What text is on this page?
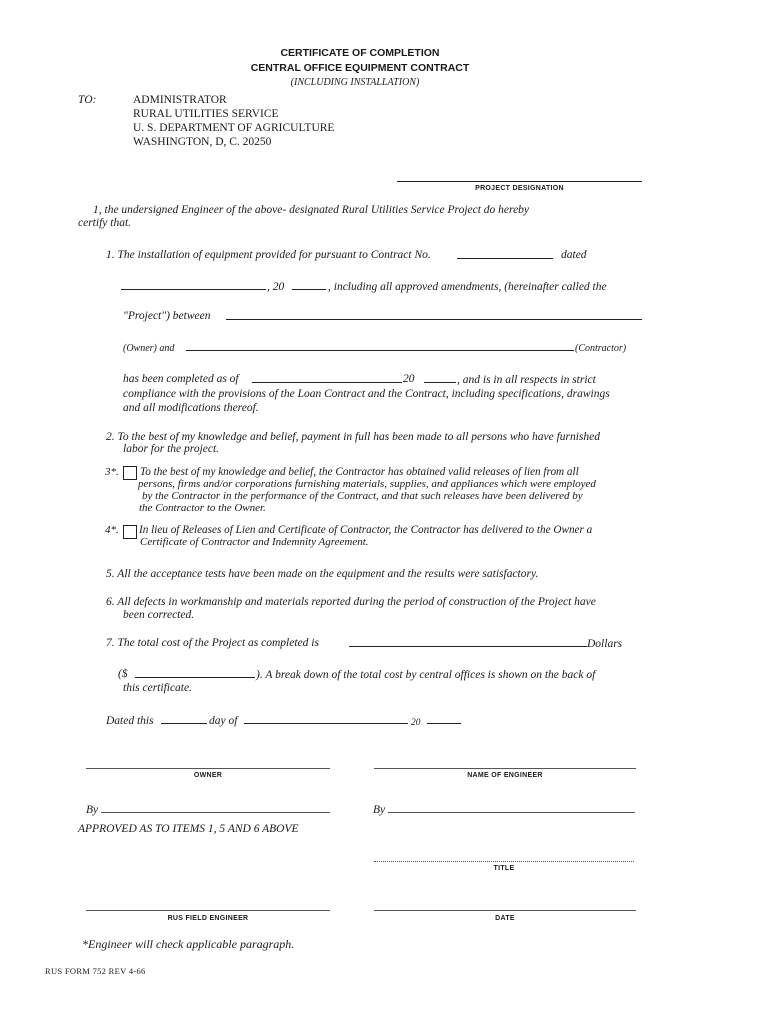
CERTIFICATE OF COMPLETION
CENTRAL OFFICE EQUIPMENT CONTRACT
(INCLUDING INSTALLATION)
TO:	ADMINISTRATOR
RURAL UTILITIES SERVICE
U. S. DEPARTMENT OF AGRICULTURE
WASHINGTON, D, C. 20250
PROJECT DESIGNATION
1, the undersigned Engineer of the above- designated Rural Utilities Service Project do hereby
certify that.
1. The installation of equipment provided for pursuant to Contract No.	dated
, 20	, including all approved amendments, (hereinafter called the
"Project") between
(Owner) and	(Contractor)
has been completed as of	20	, and is in all respects in strict
compliance with the provisions of the Loan Contract and the Contract, including specifications, drawings
and all modifications thereof.
2. To the best of my knowledge and belief, payment in full has been made to all persons who have furnished
labor for the project.
3*. To the best of my knowledge and belief, the Contractor has obtained valid releases of lien from all
persons, firms and/or corporations furnishing materials, supplies, and appliances which were employed
by the Contractor in the performance of the Contract, and that such releases have been delivered by
the Contractor to the Owner.
4*. In lieu of Releases of Lien and Certificate of Contractor, the Contractor has delivered to the Owner a
Certificate of Contractor and Indemnity Agreement.
5. All the acceptance tests have been made on the equipment and the results were satisfactory.
6. All defects in workmanship and materials reported during the period of construction of the Project have
been corrected.
7. The total cost of the Project as completed is	Dollars
($	). A break down of the total cost by central offices is shown on the back of
this certificate.
Dated this	day of	20
OWNER	NAME OF ENGINEER
By	By
APPROVED AS TO ITEMS 1, 5 AND 6 ABOVE
TITLE
RUS FIELD ENGINEER	DATE
*Engineer will check applicable paragraph.
RUS FORM 752 REV 4-66
